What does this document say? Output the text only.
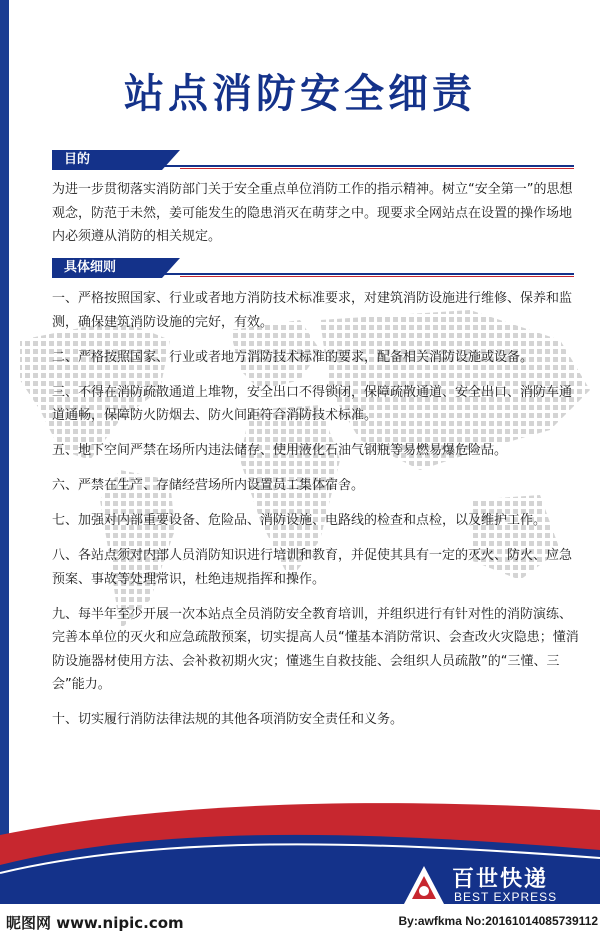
站点消防安全细责
目的
为进一步贯彻落实消防部门关于安全重点单位消防工作的指示精神。树立“安全第一”的思想观念，防范于未然，姜可能发生的隐患消灭在萌芽之中。现要求全网站点在设置的操作场地内必须遵从消防的相关规定。
具体细则

一、严格按照国家、行业或者地方消防技术标准要求，对建筑消防设施进行维修、保养和监测，确保建筑消防设施的完好，有效。

二、严格按照国家、行业或者地方消防技术标准的要求，配备相关消防设施或设备。

三、不得在消防疏散通道上堆物，安全出口不得锁闭，保障疏散通道、安全出口、消防车通道通畅，保障防火防烟去、防火间距符合消防技术标准。

五、地下空间严禁在场所内违法储存、使用液化石油气钢瓶等易燃易爆危险品。

六、严禁在生产、存储经营场所内设置员工集体宿舍。

七、加强对内部重要设备、危险品、消防设施、电路线的检查和点检，以及维护工作。

八、各站点须对内部人员消防知识进行培训和教育，并促使其具有一定的灭火、防火、应急预案、事故等处理常识，杜绝违规指挥和操作。

九、每半年至少开展一次本站点全员消防安全教育培训，并组织进行有针对性的消防演练、完善本单位的灭火和应急疏散预案，切实提高人员“懂基本消防常识、会查改火灾隐患；懂消防设施器材使用方法、会补救初期火灾；懂逃生自救技能、会组织人员疏散”的“三懂、三会”能力。

十、切实履行消防法律法规的其他各项消防安全责任和义务。

百世快递
BEST EXPRESS
昵图网 www.nipic.com	By:awfkma No:20161014085739112
